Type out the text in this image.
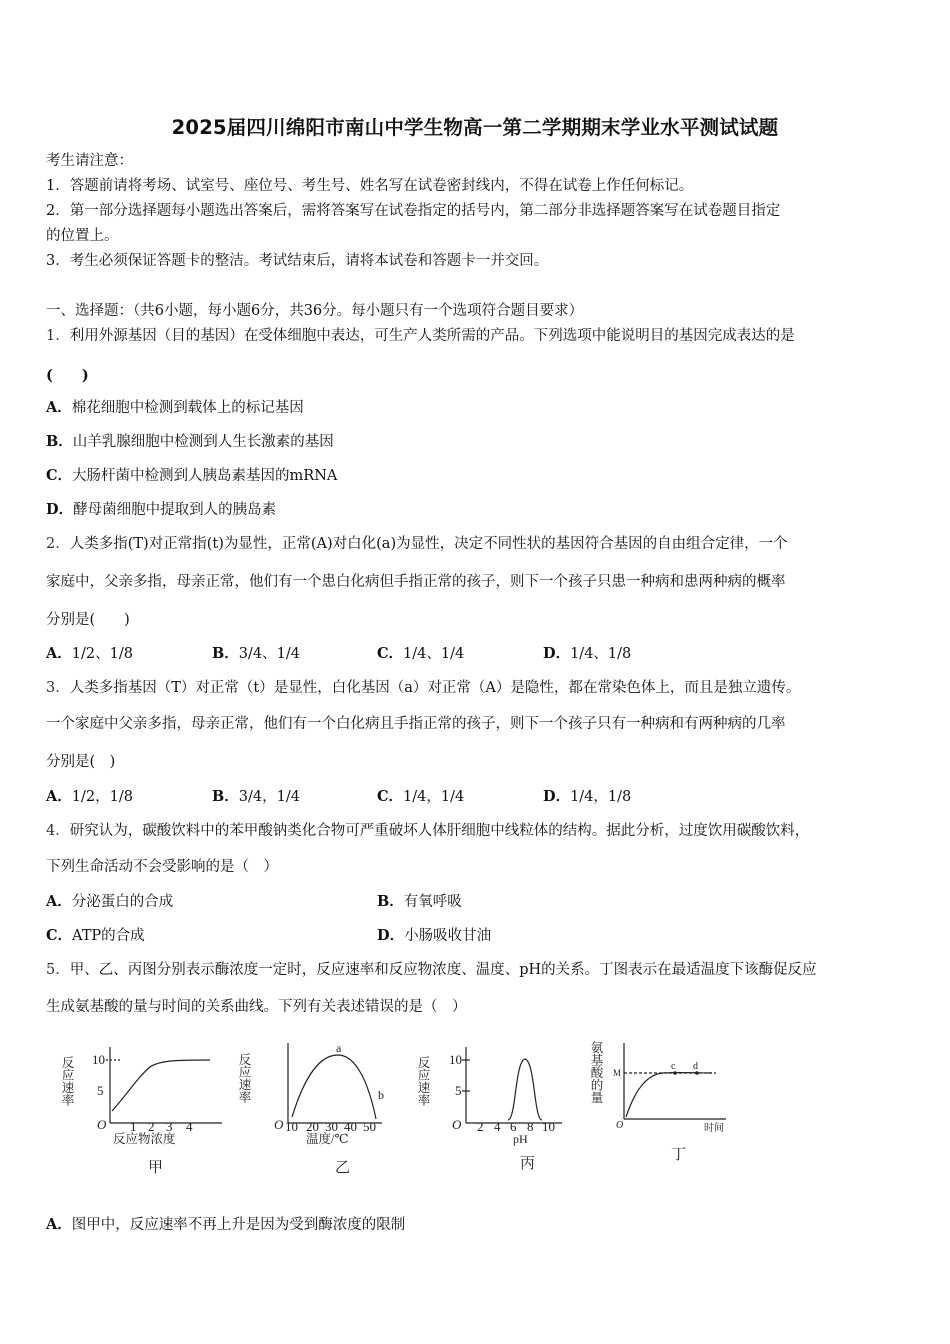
2025届四川绵阳市南山中学生物高一第二学期期末学业水平测试试题
考生请注意：
1．答题前请将考场、试室号、座位号、考生号、姓名写在试卷密封线内，不得在试卷上作任何标记。
2．第一部分选择题每小题选出答案后，需将答案写在试卷指定的括号内，第二部分非选择题答案写在试卷题目指定
的位置上。
3．考生必须保证答题卡的整洁。考试结束后，请将本试卷和答题卡一并交回。
一、选择题：（共6小题，每小题6分，共36分。每小题只有一个选项符合题目要求）
1．利用外源基因（目的基因）在受体细胞中表达，可生产人类所需的产品。下列选项中能说明目的基因完成表达的是
(　　)
A．棉花细胞中检测到载体上的标记基因
B．山羊乳腺细胞中检测到人生长激素的基因
C．大肠杆菌中检测到人胰岛素基因的mRNA
D．酵母菌细胞中提取到人的胰岛素
2．人类多指(T)对正常指(t)为显性，正常(A)对白化(a)为显性，决定不同性状的基因符合基因的自由组合定律，一个
家庭中，父亲多指，母亲正常，他们有一个患白化病但手指正常的孩子，则下一个孩子只患一种病和患两种病的概率
分别是(　　)
A．1/2、1/8	B．3/4、1/4	C．1/4、1/4	D．1/4、1/8
3．人类多指基因（T）对正常（t）是显性，白化基因（a）对正常（A）是隐性，都在常染色体上，而且是独立遗传。
一个家庭中父亲多指，母亲正常，他们有一个白化病且手指正常的孩子，则下一个孩子只有一种病和有两种病的几率
分别是(　)
A．1/2，1/8	B．3/4，1/4	C．1/4，1/4	D．1/4，1/8
4．研究认为，碳酸饮料中的苯甲酸钠类化合物可严重破坏人体肝细胞中线粒体的结构。据此分析，过度饮用碳酸饮料，
下列生命活动不会受影响的是（　）
A．分泌蛋白的合成	B．有氧呼吸
C．ATP的合成	D．小肠吸收甘油
5．甲、乙、丙图分别表示酶浓度一定时，反应速率和反应物浓度、温度、pH的关系。丁图表示在最适温度下该酶促反应
生成氨基酸的量与时间的关系曲线。下列有关表述错误的是（　）
反应速率 10
5
O 1 2 3 4
反应物浓度
甲
反应速率
a
b
O 10 20 30 40 50
温度/℃
乙
反应速率 10
5
O 2 4 6 8 10
pH
丙
氨基酸的量 M
c d
O	时间
丁
A．图甲中，反应速率不再上升是因为受到酶浓度的限制
